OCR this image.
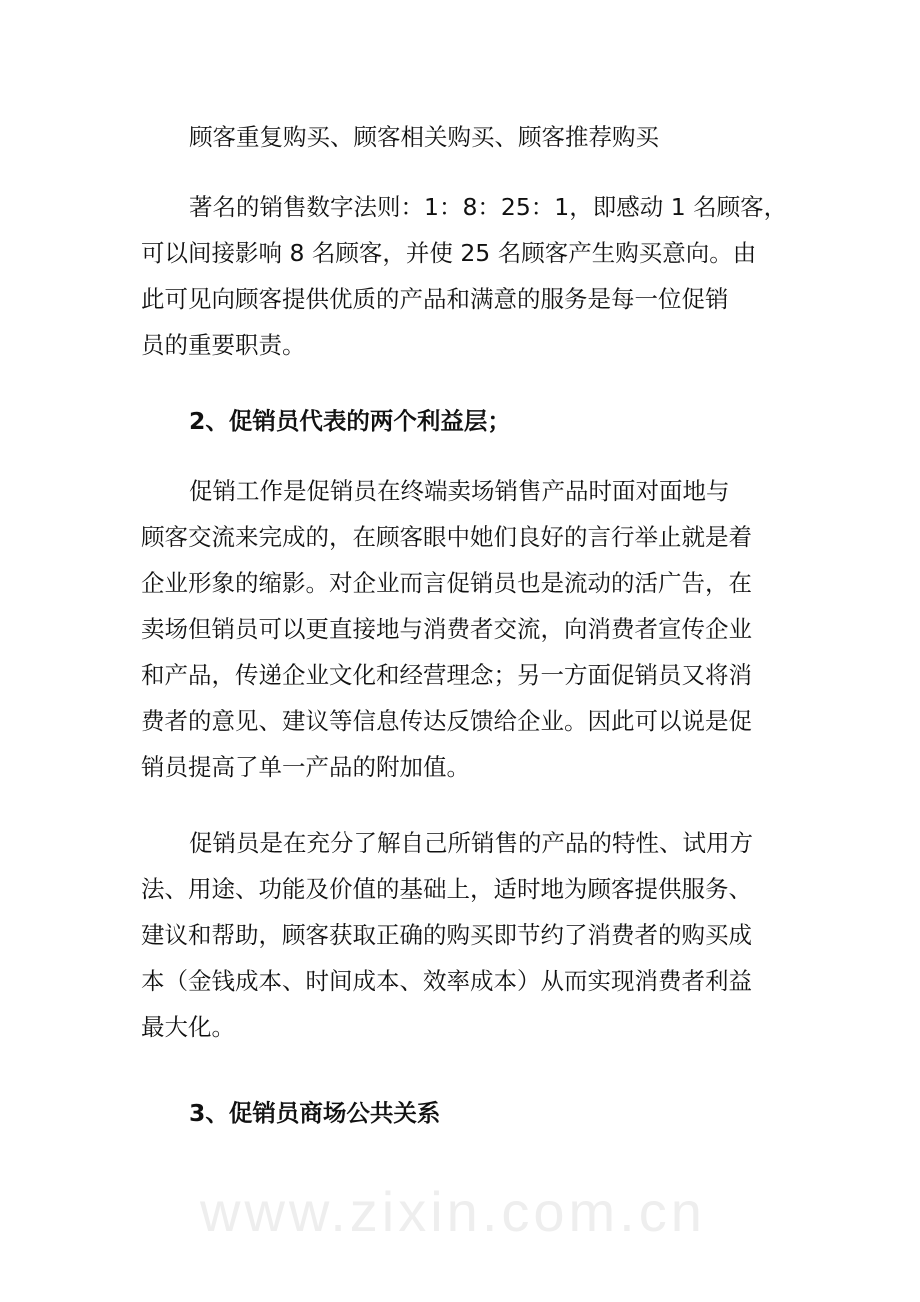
www.zixin.com.cn
顾客重复购买、顾客相关购买、顾客推荐购买
著名的销售数字法则：1：8：25：1，即感动 1 名顾客，
可以间接影响 8 名顾客，并使 25 名顾客产生购买意向。由
此可见向顾客提供优质的产品和满意的服务是每一位促销
员的重要职责。
2、促销员代表的两个利益层；
促销工作是促销员在终端卖场销售产品时面对面地与
顾客交流来完成的，在顾客眼中她们良好的言行举止就是着
企业形象的缩影。对企业而言促销员也是流动的活广告，在
卖场但销员可以更直接地与消费者交流，向消费者宣传企业
和产品，传递企业文化和经营理念；另一方面促销员又将消
费者的意见、建议等信息传达反馈给企业。因此可以说是促
销员提高了单一产品的附加值。
促销员是在充分了解自己所销售的产品的特性、试用方
法、用途、功能及价值的基础上，适时地为顾客提供服务、
建议和帮助，顾客获取正确的购买即节约了消费者的购买成
本（金钱成本、时间成本、效率成本）从而实现消费者利益
最大化。
3、促销员商场公共关系
